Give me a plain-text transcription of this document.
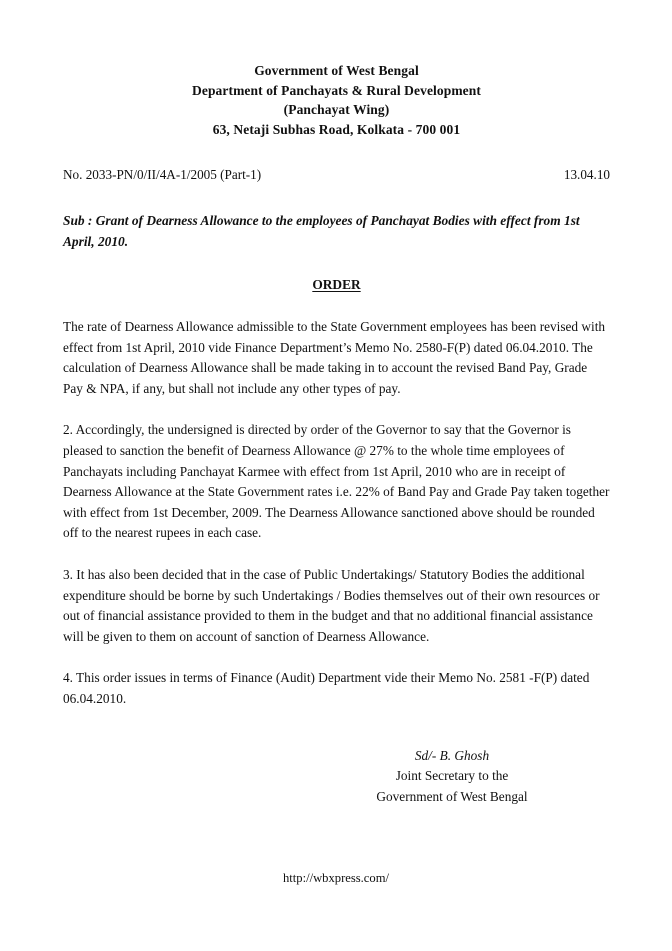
Government of West Bengal
Department of Panchayats & Rural Development
(Panchayat Wing)
63, Netaji Subhas Road, Kolkata - 700 001
No. 2033-PN/0/II/4A-1/2005 (Part-1)	13.04.10
Sub : Grant of Dearness Allowance to the employees of Panchayat Bodies with effect from 1st April, 2010.
ORDER
The rate of Dearness Allowance admissible to the State Government employees has been revised with effect from 1st April, 2010 vide Finance Department’s Memo No. 2580-F(P) dated 06.04.2010. The calculation of Dearness Allowance shall be made taking in to account the revised Band Pay, Grade Pay & NPA, if any, but shall not include any other types of pay.
2. Accordingly, the undersigned is directed by order of the Governor to say that the Governor is pleased to sanction the benefit of Dearness Allowance @ 27% to the whole time employees of Panchayats including Panchayat Karmee with effect from 1st April, 2010 who are in receipt of Dearness Allowance at the State Government rates i.e. 22% of Band Pay and Grade Pay taken together with effect from 1st December, 2009. The Dearness Allowance sanctioned above should be rounded off to the nearest rupees in each case.
3. It has also been decided that in the case of Public Undertakings/ Statutory Bodies the additional expenditure should be borne by such Undertakings / Bodies themselves out of their own resources or out of financial assistance provided to them in the budget and that no additional financial assistance will be given to them on account of sanction of Dearness Allowance.
4. This order issues in terms of Finance (Audit) Department vide their Memo No. 2581 -F(P) dated 06.04.2010.
Sd/- B. Ghosh
Joint Secretary to the
Government of West Bengal
http://wbxpress.com/
